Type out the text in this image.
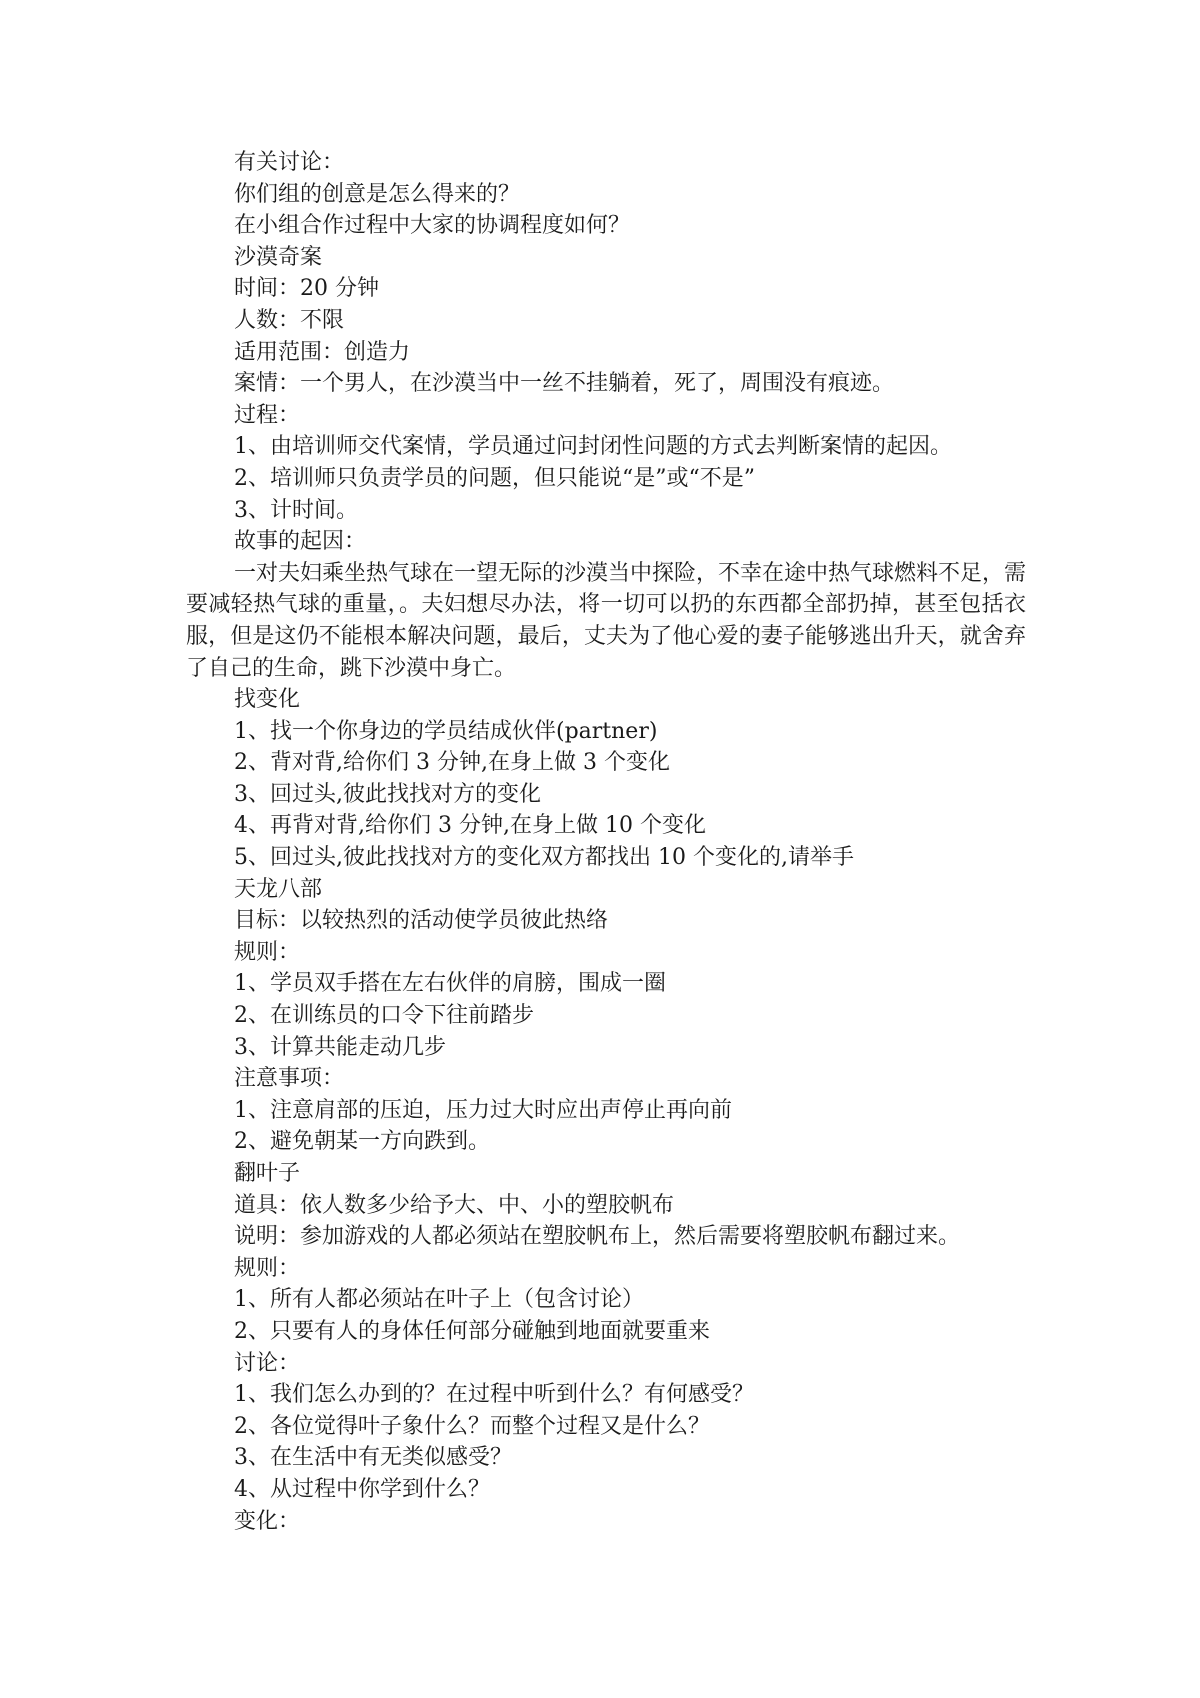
有关讨论：
你们组的创意是怎么得来的？
在小组合作过程中大家的协调程度如何？
沙漠奇案
时间：20 分钟
人数：不限
适用范围：创造力
案情：一个男人，在沙漠当中一丝不挂躺着，死了，周围没有痕迹。
过程：
1、由培训师交代案情，学员通过问封闭性问题的方式去判断案情的起因。
2、培训师只负责学员的问题，但只能说“是”或“不是”
3、计时间。
故事的起因：
一对夫妇乘坐热气球在一望无际的沙漠当中探险，不幸在途中热气球燃料不足，需要减轻热气球的重量，。夫妇想尽办法，将一切可以扔的东西都全部扔掉，甚至包括衣服，但是这仍不能根本解决问题，最后，丈夫为了他心爱的妻子能够逃出升天，就舍弃了自己的生命，跳下沙漠中身亡。
找变化
1、找一个你身边的学员结成伙伴(partner)
2、背对背,给你们 3 分钟,在身上做 3 个变化
3、回过头,彼此找找对方的变化
4、再背对背,给你们 3 分钟,在身上做 10 个变化
5、回过头,彼此找找对方的变化双方都找出 10 个变化的,请举手
天龙八部
目标：以较热烈的活动使学员彼此热络
规则：
1、学员双手搭在左右伙伴的肩膀，围成一圈
2、在训练员的口令下往前踏步
3、计算共能走动几步
注意事项：
1、注意肩部的压迫，压力过大时应出声停止再向前
2、避免朝某一方向跌到。
翻叶子
道具：依人数多少给予大、中、小的塑胶帆布
说明：参加游戏的人都必须站在塑胶帆布上，然后需要将塑胶帆布翻过来。
规则：
1、所有人都必须站在叶子上（包含讨论）
2、只要有人的身体任何部分碰触到地面就要重来
讨论：
1、我们怎么办到的？在过程中听到什么？有何感受？
2、各位觉得叶子象什么？而整个过程又是什么？
3、在生活中有无类似感受？
4、从过程中你学到什么？
变化：
